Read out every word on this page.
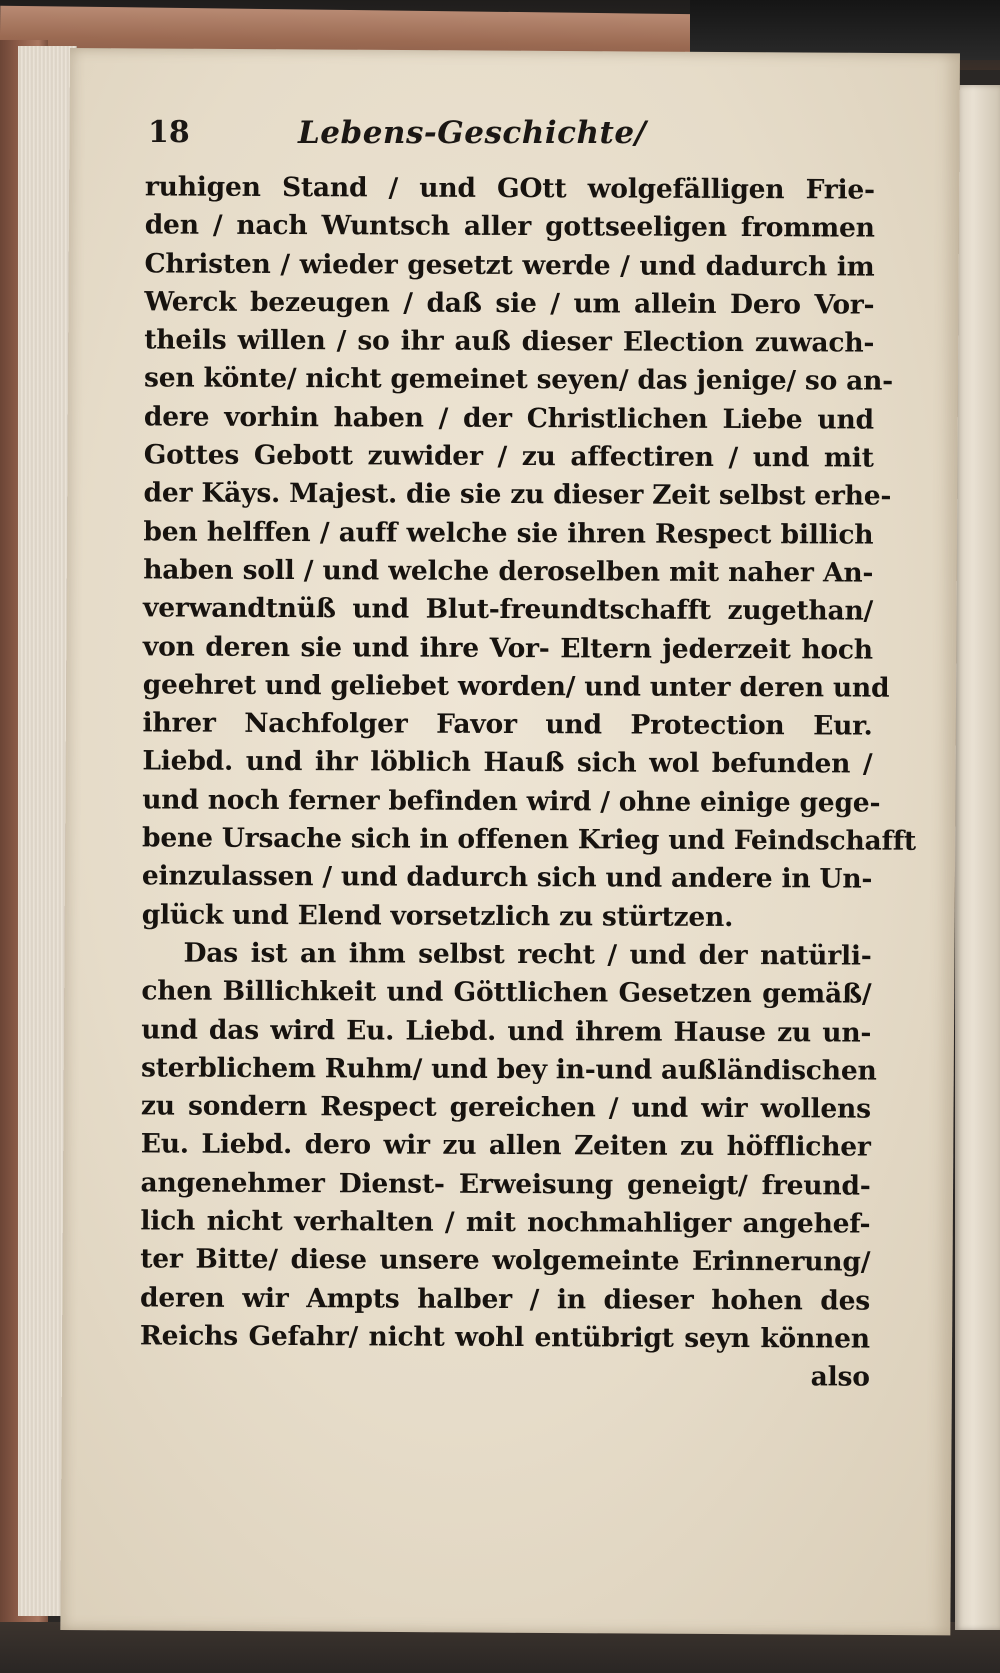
18	Lebens-Geschichte/
ruhigen Stand / und GOtt wolgefälligen Frie-
den / nach Wuntsch aller gottseeligen frommen
Christen / wieder gesetzt werde / und dadurch im
Werck bezeugen / daß sie / um allein Dero Vor-
theils willen / so ihr auß dieser Election zuwach-
sen könte/ nicht gemeinet seyen/ das jenige/ so an-
dere vorhin haben / der Christlichen Liebe und
Gottes Gebott zuwider / zu affectiren / und mit
der Käys. Majest. die sie zu dieser Zeit selbst erhe-
ben helffen / auff welche sie ihren Respect billich
haben soll / und welche deroselben mit naher An-
verwandtnüß und Blut-freundtschafft zugethan/
von deren sie und ihre Vor- Eltern jederzeit hoch
geehret und geliebet worden/ und unter deren und
ihrer Nachfolger Favor und Protection Eur.
Liebd. und ihr löblich Hauß sich wol befunden /
und noch ferner befinden wird / ohne einige gege-
bene Ursache sich in offenen Krieg und Feindschafft
einzulassen / und dadurch sich und andere in Un-
glück und Elend vorsetzlich zu stürtzen.
Das ist an ihm selbst recht / und der natürli-
chen Billichkeit und Göttlichen Gesetzen gemäß/
und das wird Eu. Liebd. und ihrem Hause zu un-
sterblichem Ruhm/ und bey in-und außländischen
zu sondern Respect gereichen / und wir wollens
Eu. Liebd. dero wir zu allen Zeiten zu höfflicher
angenehmer Dienst- Erweisung geneigt/ freund-
lich nicht verhalten / mit nochmahliger angehef-
ter Bitte/ diese unsere wolgemeinte Erinnerung/
deren wir Ampts halber / in dieser hohen des
Reichs Gefahr/ nicht wohl entübrigt seyn können
also
